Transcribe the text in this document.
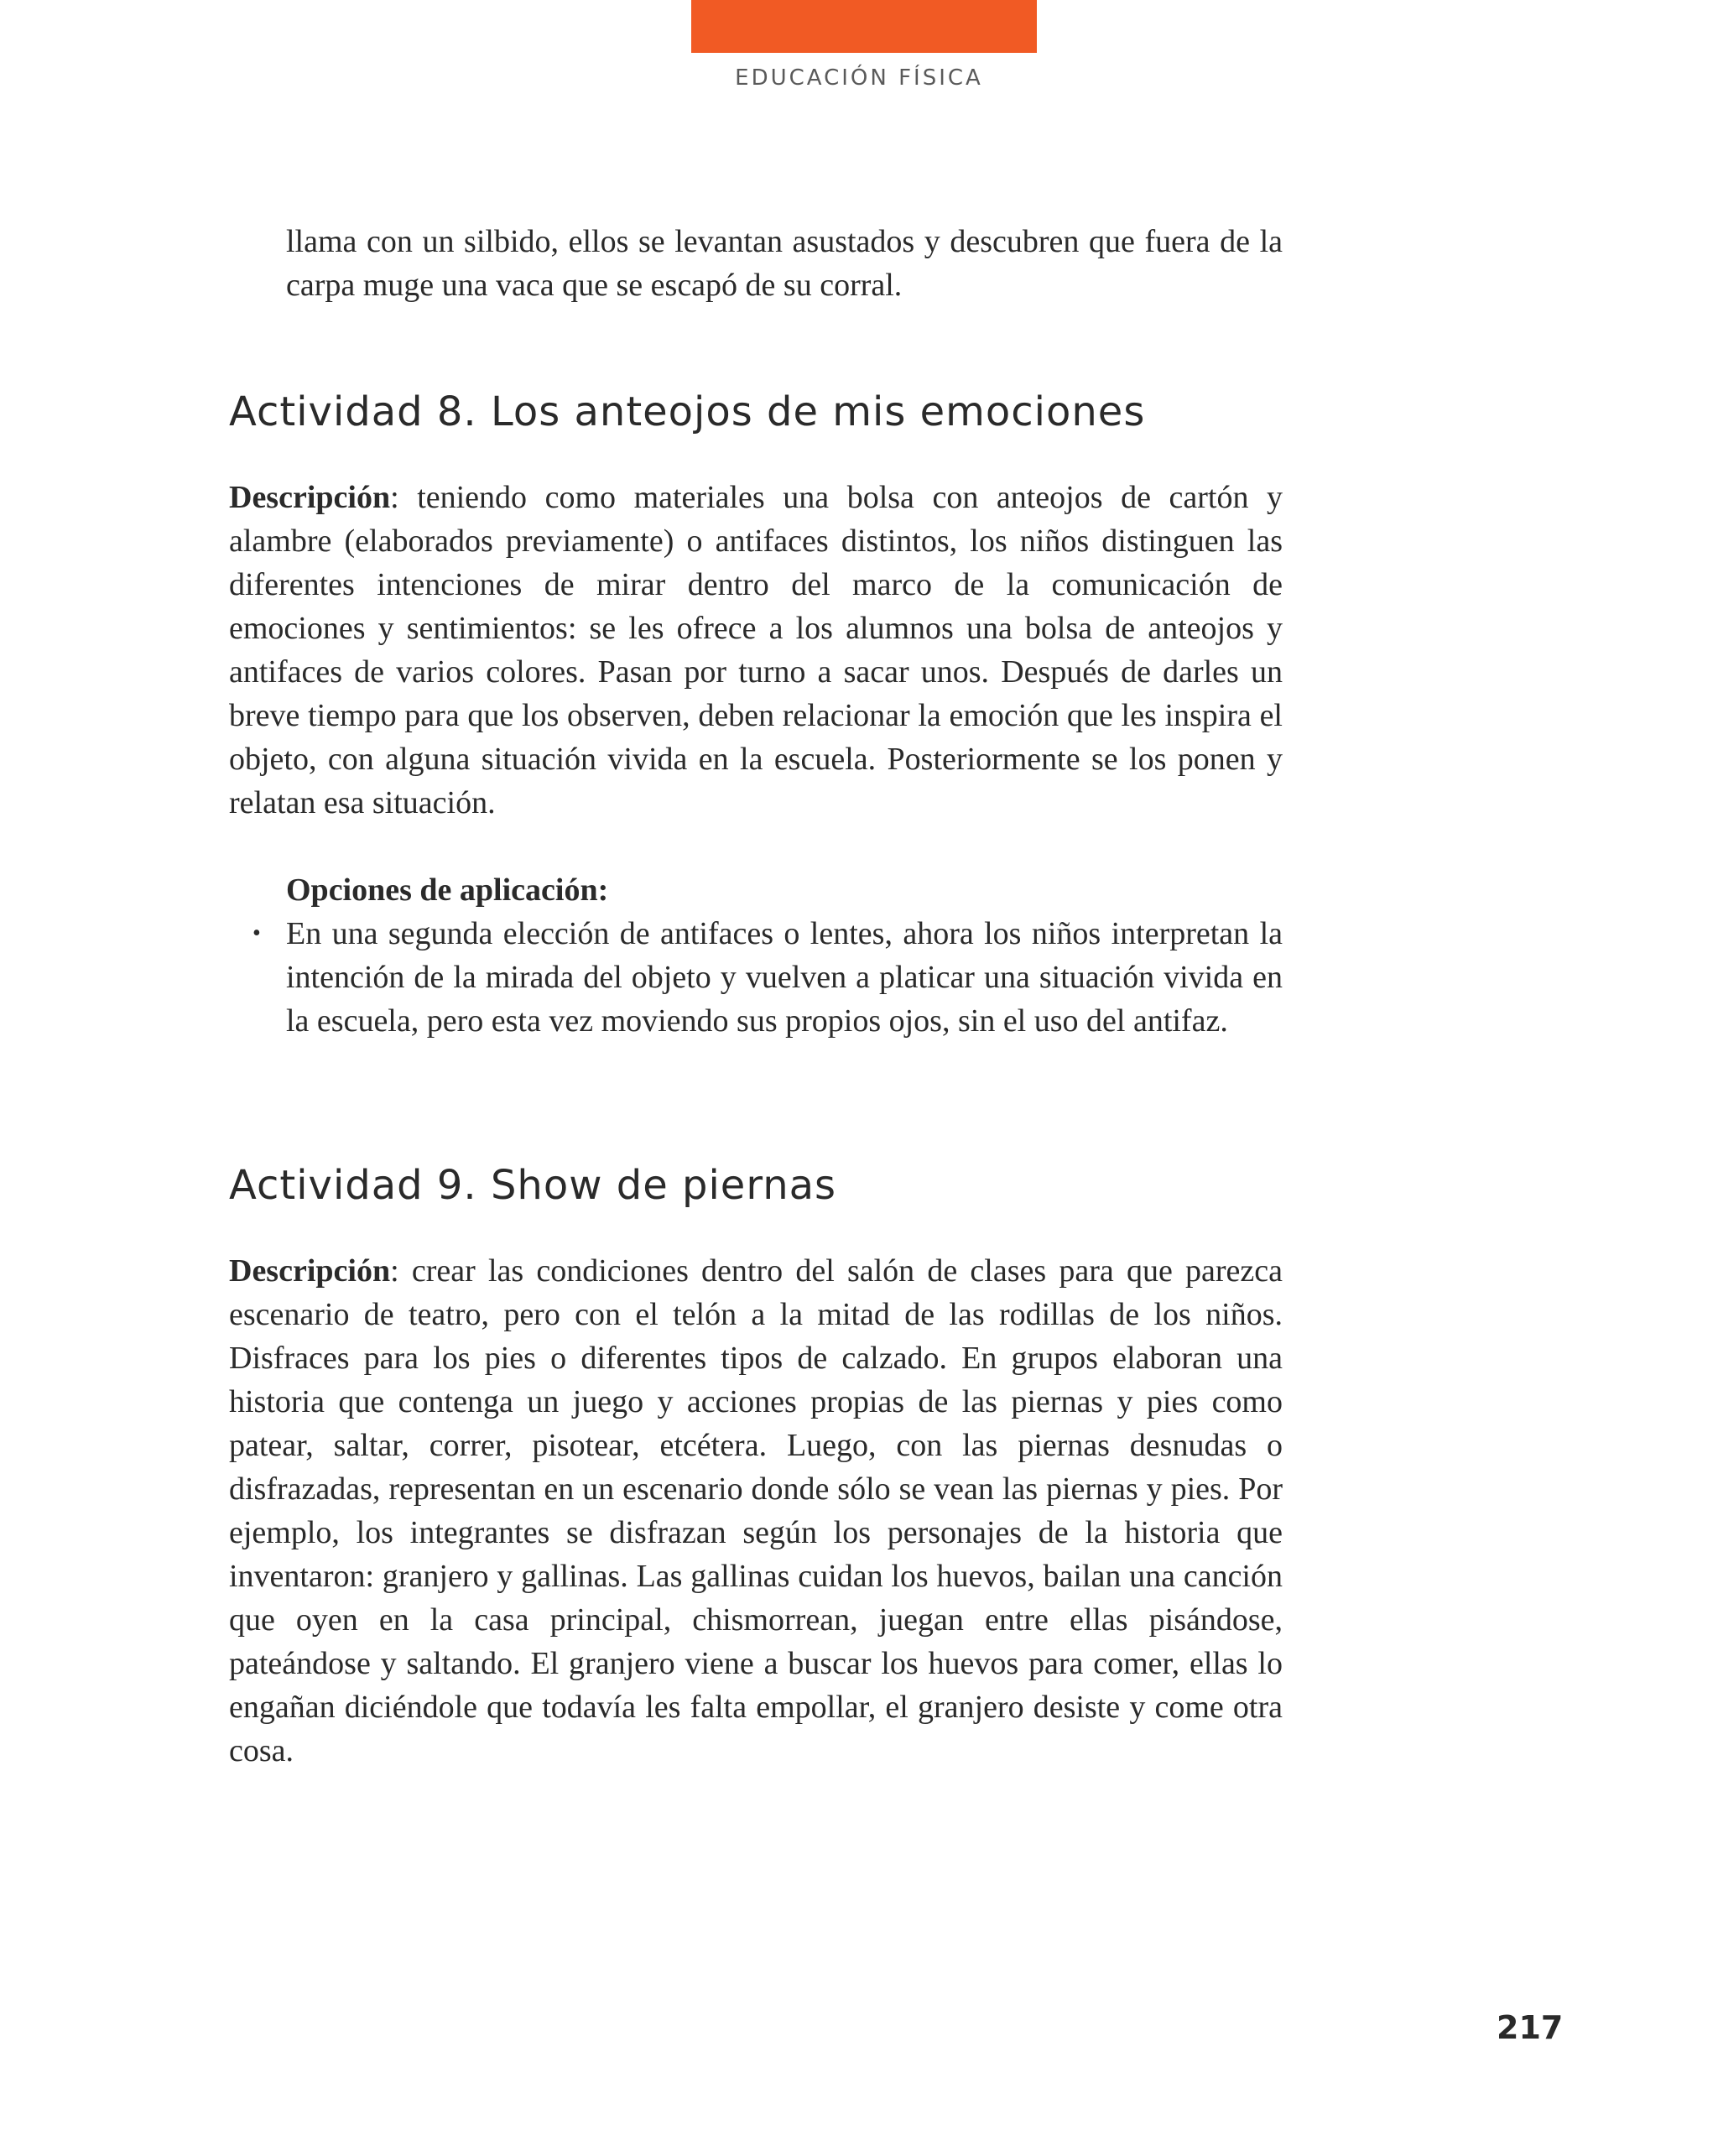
EDUCACIÓN FÍSICA

llama con un silbido, ellos se levantan asustados y descubren que fuera de la carpa muge una vaca que se escapó de su corral.

Actividad 8. Los anteojos de mis emociones

Descripción: teniendo como materiales una bolsa con anteojos de cartón y alambre (elaborados previamente) o antifaces distintos, los niños distinguen las diferentes intenciones de mirar dentro del marco de la comunicación de emociones y sentimientos: se les ofrece a los alumnos una bolsa de anteojos y antifaces de varios colores. Pasan por turno a sacar unos. Después de darles un breve tiempo para que los observen, deben relacionar la emoción que les inspira el objeto, con alguna situación vivida en la escuela. Posteriormente se los ponen y relatan esa situación.

Opciones de aplicación:

• En una segunda elección de antifaces o lentes, ahora los niños interpretan la intención de la mirada del objeto y vuelven a platicar una situación vivida en la escuela, pero esta vez moviendo sus propios ojos, sin el uso del antifaz.
Actividad 9. Show de piernas

Descripción: crear las condiciones dentro del salón de clases para que parezca escenario de teatro, pero con el telón a la mitad de las rodillas de los niños. Disfraces para los pies o diferentes tipos de calzado. En grupos elaboran una historia que contenga un juego y acciones propias de las piernas y pies como patear, saltar, correr, pisotear, etcétera. Luego, con las piernas desnudas o disfrazadas, representan en un escenario donde sólo se vean las piernas y pies. Por ejemplo, los integrantes se disfrazan según los personajes de la historia que inventaron: granjero y gallinas. Las gallinas cuidan los huevos, bailan una canción que oyen en la casa principal, chismorrean, juegan entre ellas pisándose, pateándose y saltando. El granjero viene a buscar los huevos para comer, ellas lo engañan diciéndole que todavía les falta empollar, el granjero desiste y come otra cosa.

217
